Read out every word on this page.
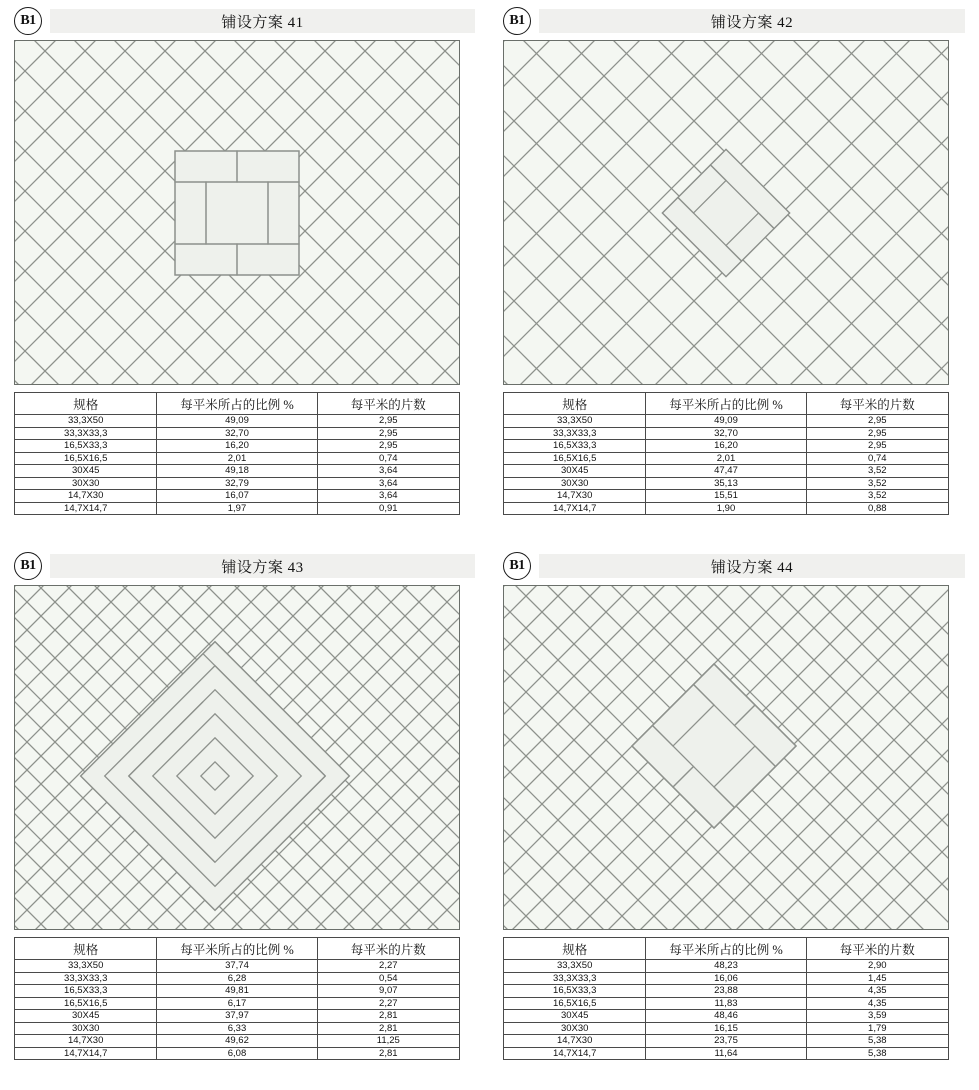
B1	铺设方案 41
规格	每平米所占的比例 %	每平米的片数
33,3X50	49,09	2,95
33,3X33,3	32,70	2,95
16,5X33,3	16,20	2,95
16,5X16,5	2,01	0,74
30X45	49,18	3,64
30X30	32,79	3,64
14,7X30	16,07	3,64
14,7X14,7	1,97	0,91
B1	铺设方案 42
规格	每平米所占的比例 %	每平米的片数
33,3X50	49,09	2,95
33,3X33,3	32,70	2,95
16,5X33,3	16,20	2,95
16,5X16,5	2,01	0,74
30X45	47,47	3,52
30X30	35,13	3,52
14,7X30	15,51	3,52
14,7X14,7	1,90	0,88
B1	铺设方案 43
规格	每平米所占的比例 %	每平米的片数
33,3X50	37,74	2,27
33,3X33,3	6,28	0,54
16,5X33,3	49,81	9,07
16,5X16,5	6,17	2,27
30X45	37,97	2,81
30X30	6,33	2,81
14,7X30	49,62	11,25
14,7X14,7	6,08	2,81
B1	铺设方案 44
规格	每平米所占的比例 %	每平米的片数
33,3X50	48,23	2,90
33,3X33,3	16,06	1,45
16,5X33,3	23,88	4,35
16,5X16,5	11,83	4,35
30X45	48,46	3,59
30X30	16,15	1,79
14,7X30	23,75	5,38
14,7X14,7	11,64	5,38
